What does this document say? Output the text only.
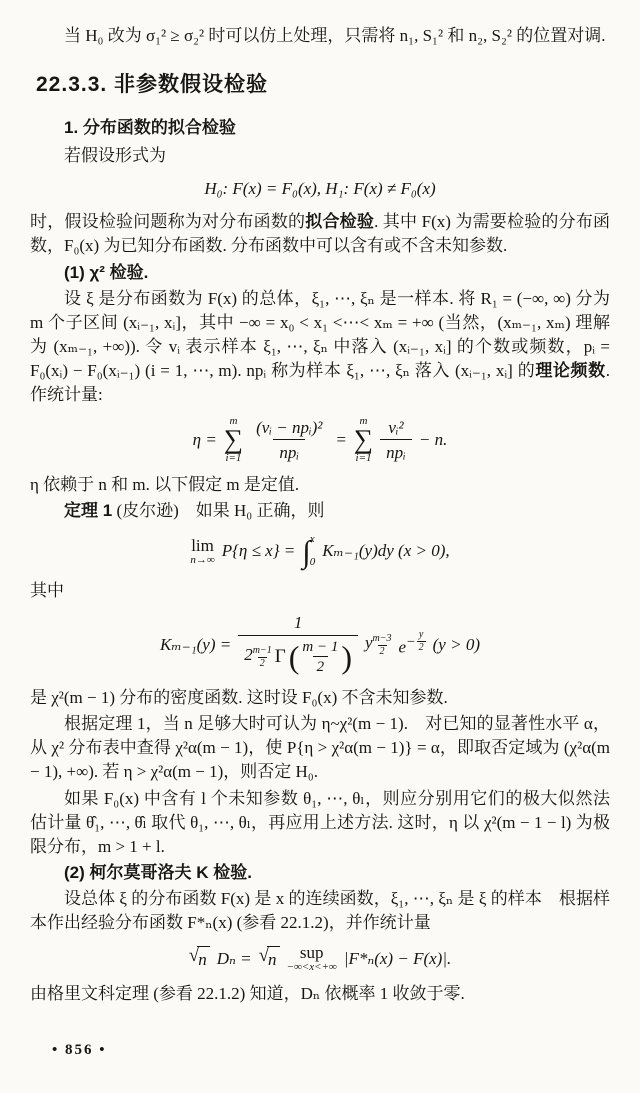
当 H₀ 改为 σ₁² ≥ σ₂² 时可以仿上处理，只需将 n₁, S₁² 和 n₂, S₂² 的位置对调.

22.3.3. 非参数假设检验
1. 分布函数的拟合检验

若假设形式为

H₀: F(x) = F₀(x), H₁: F(x) ≠ F₀(x)

时，假设检验问题称为对分布函数的拟合检验. 其中 F(x) 为需要检验的分布函数，F₀(x) 为已知分布函数. 分布函数中可以含有或不含未知参数.

(1) χ² 检验.

设 ξ 是分布函数为 F(x) 的总体，ξ₁, ⋯, ξₙ 是一样本. 将 R₁ = (−∞, ∞) 分为 m 个子区间 (xᵢ₋₁, xᵢ]，其中 −∞ = x₀ < x₁ <⋯< xₘ = +∞ (当然，(xₘ₋₁, xₘ) 理解为 (xₘ₋₁, +∞)). 令 vᵢ 表示样本 ξ₁, ⋯, ξₙ 中落入 (xᵢ₋₁, xᵢ] 的个数或频数，pᵢ = F₀(xᵢ) − F₀(xᵢ₋₁) (i = 1, ⋯, m). npᵢ 称为样本 ξ₁, ⋯, ξₙ 落入 (xᵢ₋₁, xᵢ] 的理论频数. 作统计量:

η =
m
∑
$i=1 \frac{\text{(vᵢ − npᵢ)²}}{\text{npᵢ}}$ =
m
∑
$i=1 \frac{\text{vᵢ²}}{\text{npᵢ}} - n$.

η 依赖于 n 和 m. 以下假定 m 是定值.

定理 1 (皮尔逊)　如果 H₀ 正确，则

lim
n→∞ P{η ≤ x} = ∫ x
0
Kₘ₋₁(y)dy (x > 0),

其中

Kₘ₋₁(y) =
1
2 $^{\frac{m-1}{2}}$ Γ ( $\frac{m - 1}{2}$ ) y $^{\frac{m-3}{2}}$ e $^{- \frac{y}{2}}$ (y > 0)

是 χ²(m − 1) 分布的密度函数. 这时设 F₀(x) 不含未知参数.

根据定理 1，当 n 足够大时可认为 η~χ²(m − 1).　对已知的显著性水平 α，从 χ² 分布表中查得 χ²α(m − 1)，使 P{η > χ²α(m − 1)} = α，即取否定域为 (χ²α(m − 1), +∞). 若 η > χ²α(m − 1)，则否定 H₀.

如果 F₀(x) 中含有 l 个未知参数 θ₁, ⋯, θₗ，则应分别用它们的极大似然法估计量 θ̂₁, ⋯, θ̂ₗ 取代 θ₁, ⋯, θₗ，再应用上述方法. 这时，η 以 χ²(m − 1 − l) 为极限分布，m > 1 + l.

(2) 柯尔莫哥洛夫 K 检验.

设总体 ξ 的分布函数 F(x) 是 x 的连续函数，ξ₁, ⋯, ξₙ 是 ξ 的样本　根据样本作出经验分布函数 F*ₙ(x) (参看 22.1.2)，并作统计量

√ n Dₙ = √ n sup
−∞<x<+∞ |F*ₙ(x) − F(x)|.

由格里文科定理 (参看 22.1.2) 知道，Dₙ 依概率 1 收敛于零.

• 856 •
